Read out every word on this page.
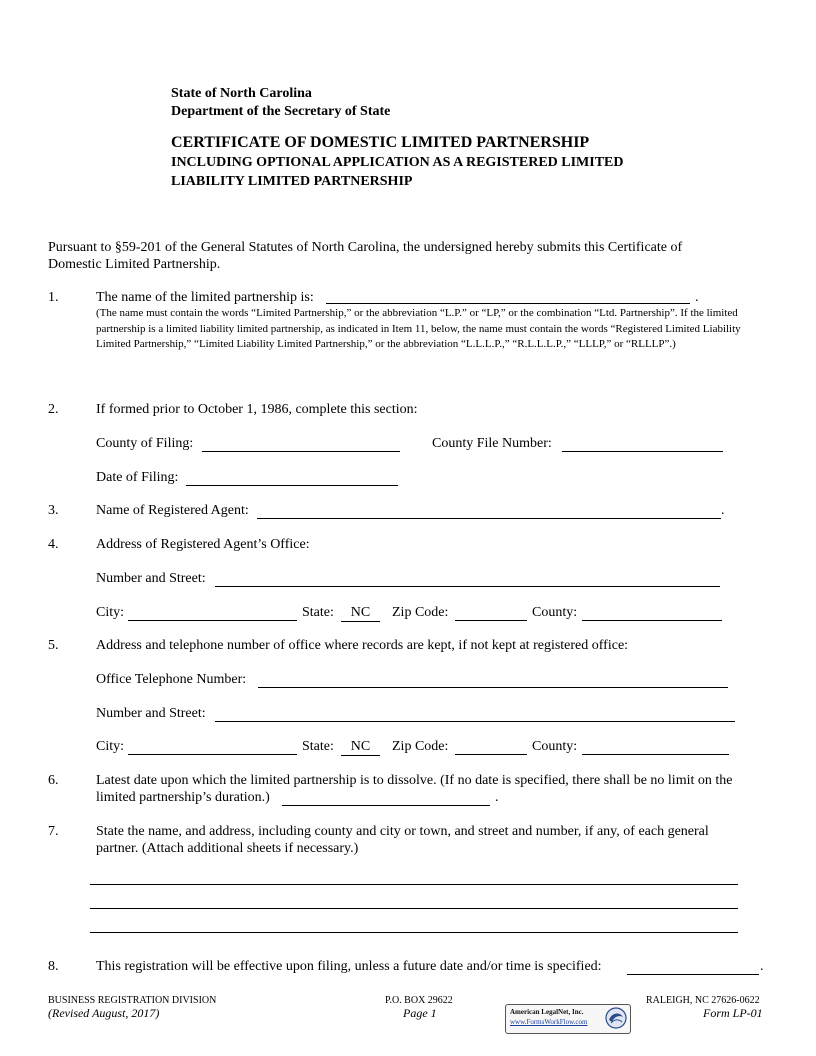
State of North Carolina
Department of the Secretary of State
CERTIFICATE OF DOMESTIC LIMITED PARTNERSHIP
INCLUDING OPTIONAL APPLICATION AS A REGISTERED LIMITED
LIABILITY LIMITED PARTNERSHIP
Pursuant to §59-201 of the General Statutes of North Carolina, the undersigned hereby submits this Certificate of
Domestic Limited Partnership.
1.	The name of the limited partnership is:	.
(The name must contain the words “Limited Partnership,” or the abbreviation “L.P.” or “LP,” or the combination “Ltd. Partnership”. If the limited partnership is a limited liability limited partnership, as indicated in Item 11, below, the name must contain the words “Registered Limited Liability Limited Partnership,” “Limited Liability Limited Partnership,” or the abbreviation “L.L.L.P.,” “R.L.L.L.P.,” “LLLP,” or “RLLLP”.)
2.	If formed prior to October 1, 1986, complete this section:
County of Filing:	County File Number:
Date of Filing:
3.	Name of Registered Agent:	.
4.	Address of Registered Agent’s Office:
Number and Street:
City:	State:	NC	Zip Code:	County:
5.	Address and telephone number of office where records are kept, if not kept at registered office:
Office Telephone Number:
Number and Street:
City:	State:	NC	Zip Code:	County:
6.	Latest date upon which the limited partnership is to dissolve. (If no date is specified, there shall be no limit on the
limited partnership’s duration.)	.
7.	State the name, and address, including county and city or town, and street and number, if any, of each general
partner. (Attach additional sheets if necessary.)
8.	This registration will be effective upon filing, unless a future date and/or time is specified:	.
BUSINESS REGISTRATION DIVISION
(Revised August, 2017)
P.O. BOX 29622
Page 1
RALEIGH, NC 27626-0622
Form LP-01
American LegalNet, Inc.
www.FormsWorkFlow.com
